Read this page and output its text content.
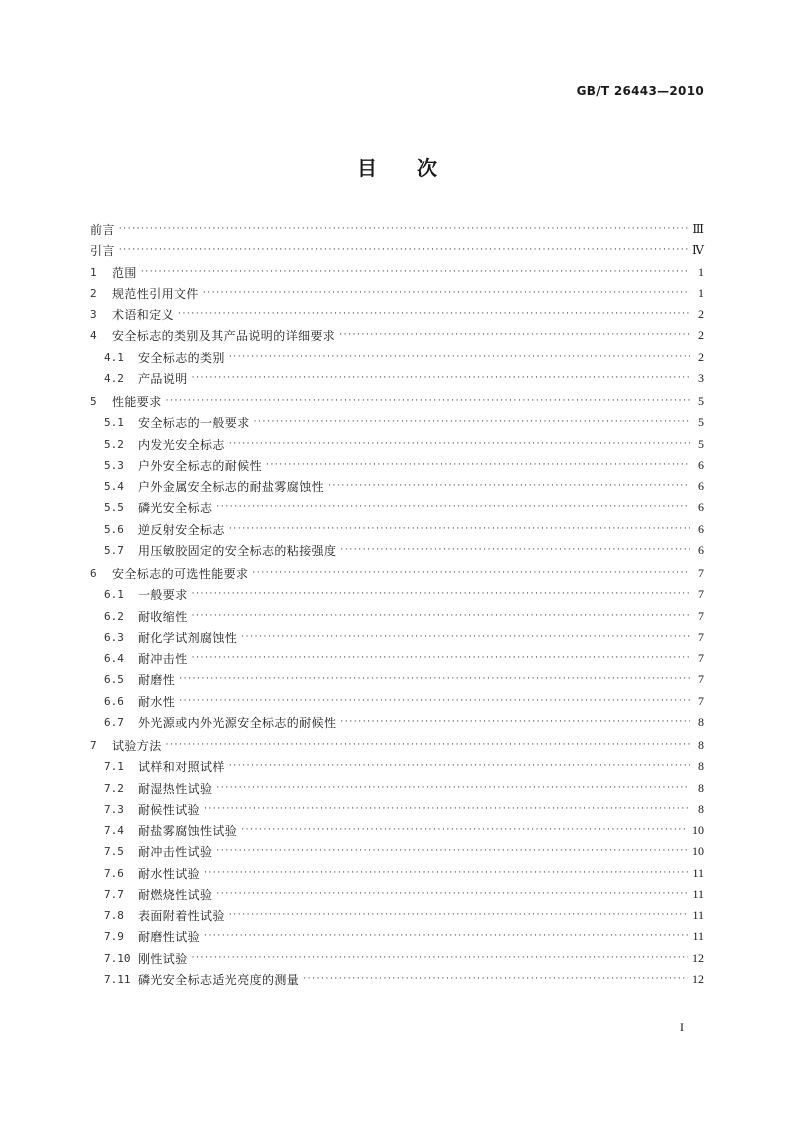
GB/T 26443—2010
目 次
前言 ·····	Ⅲ
引言 ·····	Ⅳ
1	范围 ·····	1
2	规范性引用文件 ·····	1
3	术语和定义 ·····	2
4	安全标志的类别及其产品说明的详细要求 ·····	2
4.1	安全标志的类别 ·····	2
4.2	产品说明 ·····	3
5	性能要求 ·····	5
5.1	安全标志的一般要求 ·····	5
5.2	内发光安全标志 ·····	5
5.3	户外安全标志的耐候性 ·····	6
5.4	户外金属安全标志的耐盐雾腐蚀性 ·····	6
5.5	磷光安全标志 ·····	6
5.6	逆反射安全标志 ·····	6
5.7	用压敏胶固定的安全标志的粘接强度 ·····	6
6	安全标志的可选性能要求 ·····	7
6.1	一般要求 ·····	7
6.2	耐收缩性 ·····	7
6.3	耐化学试剂腐蚀性 ·····	7
6.4	耐冲击性 ·····	7
6.5	耐磨性 ·····	7
6.6	耐水性 ·····	7
6.7	外光源或内外光源安全标志的耐候性 ·····	8
7	试验方法 ·····	8
7.1	试样和对照试样 ·····	8
7.2	耐湿热性试验 ·····	8
7.3	耐候性试验 ·····	8
7.4	耐盐雾腐蚀性试验 ·····	10
7.5	耐冲击性试验 ·····	10
7.6	耐水性试验 ·····	11
7.7	耐燃烧性试验 ·····	11
7.8	表面附着性试验 ·····	11
7.9	耐磨性试验 ·····	11
7.10 刚性试验 ·····	12
7.11 磷光安全标志适光亮度的测量 ·····	12
I
